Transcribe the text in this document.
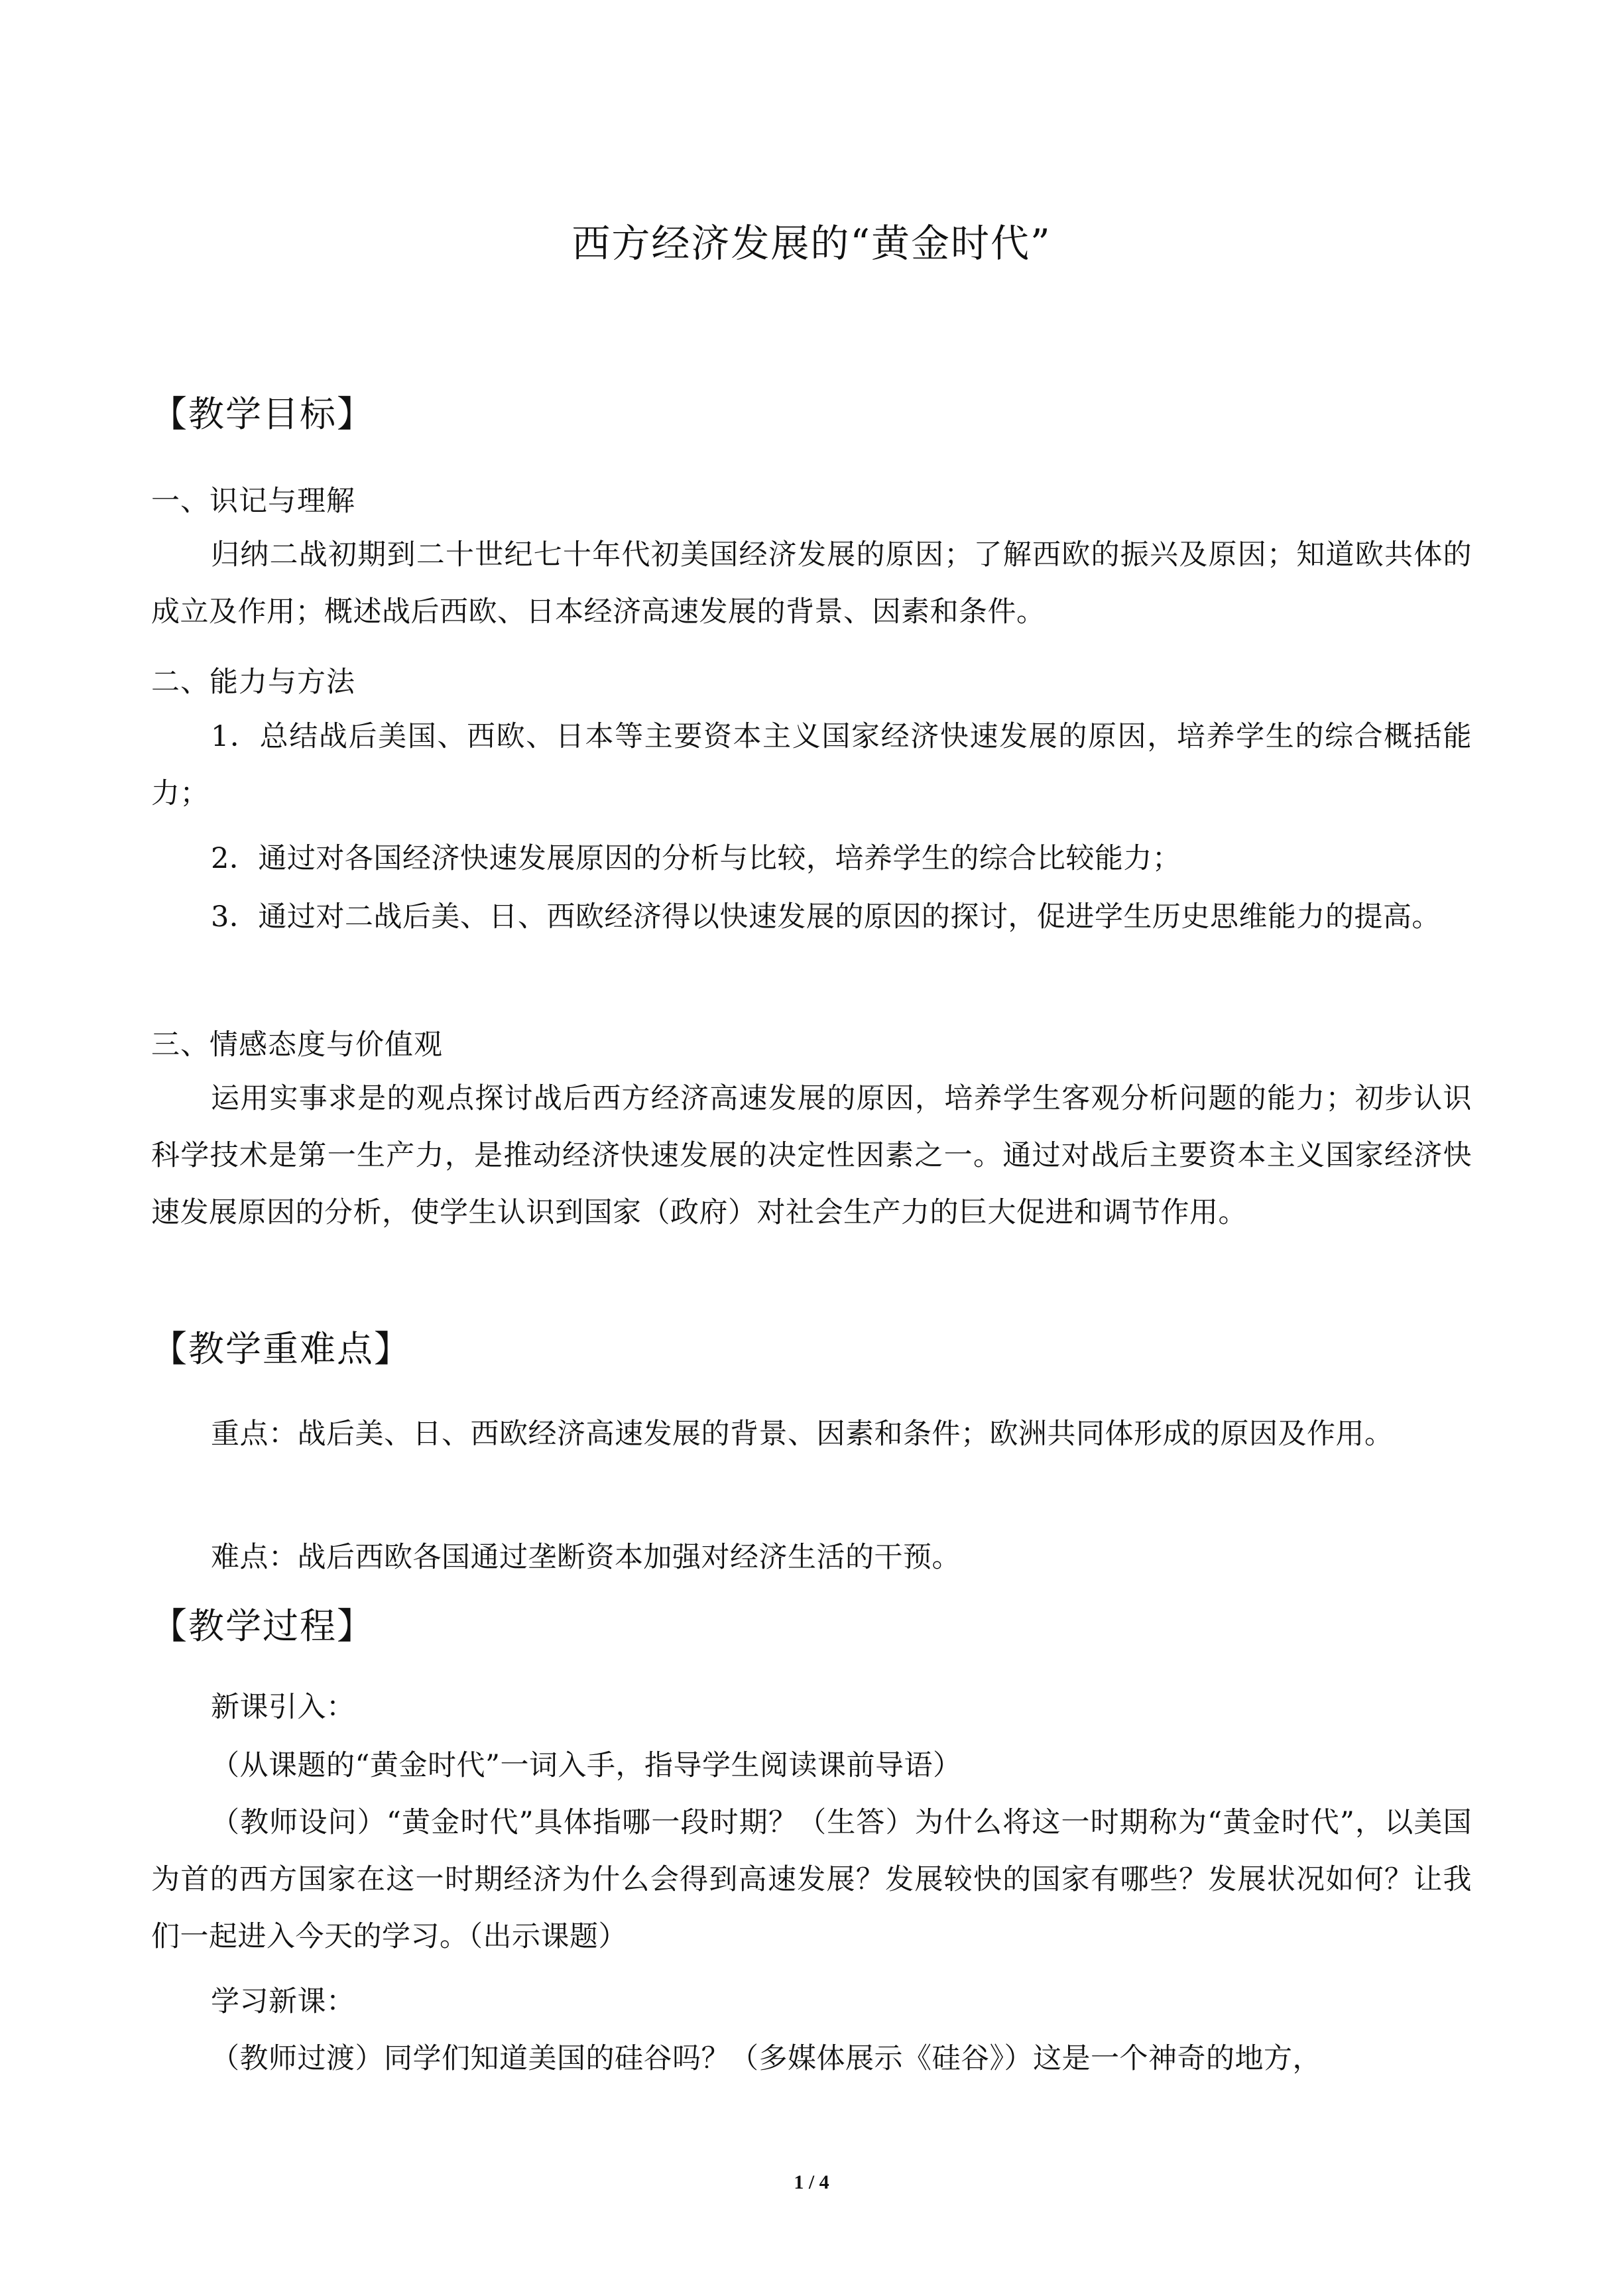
西方经济发展的“黄金时代”
【教学目标】
一、识记与理解
归纳二战初期到二十世纪七十年代初美国经济发展的原因；了解西欧的振兴及原因；知道欧共体的成立及作用；概述战后西欧、日本经济高速发展的背景、因素和条件。
二、能力与方法
1．总结战后美国、西欧、日本等主要资本主义国家经济快速发展的原因，培养学生的综合概括能力；
2．通过对各国经济快速发展原因的分析与比较，培养学生的综合比较能力；
3．通过对二战后美、日、西欧经济得以快速发展的原因的探讨，促进学生历史思维能力的提高。
三、情感态度与价值观
运用实事求是的观点探讨战后西方经济高速发展的原因，培养学生客观分析问题的能力；初步认识科学技术是第一生产力，是推动经济快速发展的决定性因素之一。通过对战后主要资本主义国家经济快速发展原因的分析，使学生认识到国家（政府）对社会生产力的巨大促进和调节作用。
【教学重难点】
重点：战后美、日、西欧经济高速发展的背景、因素和条件；欧洲共同体形成的原因及作用。
难点：战后西欧各国通过垄断资本加强对经济生活的干预。
【教学过程】
新课引入：
（从课题的“黄金时代”一词入手，指导学生阅读课前导语）
（教师设问）“黄金时代”具体指哪一段时期？（生答）为什么将这一时期称为“黄金时代”，以美国为首的西方国家在这一时期经济为什么会得到高速发展？发展较快的国家有哪些？发展状况如何？让我们一起进入今天的学习。（出示课题）
学习新课：
（教师过渡）同学们知道美国的硅谷吗？（多媒体展示《硅谷》）这是一个神奇的地方，
1 / 4
